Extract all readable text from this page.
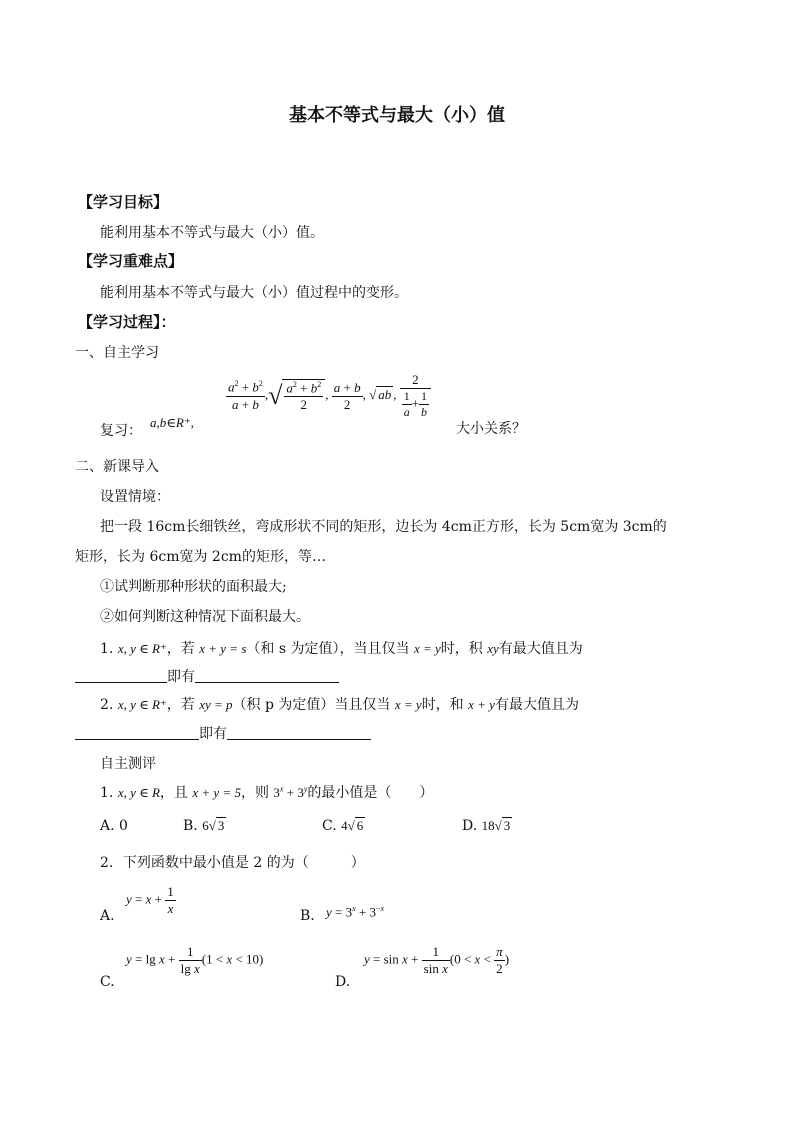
基本不等式与最大（小）值
【学习目标】
能利用基本不等式与最大（小）值。
【学习重难点】
能利用基本不等式与最大（小）值过程中的变形。
【学习过程】：
一、自主学习
$\frac{a^2 + b^2}{a + b}$ ,√ $\frac{a^2 + b^2}{2}$ , $\frac{a + b}{2}$ , √ ab , $\frac{2}{\frac{1}{a} + \frac{1}{b}}$
复习：
a,b∈R⁺,	大小关系？
二、新课导入
设置情境：
把一段 16cm长细铁丝，弯成形状不同的矩形，边长为 4cm正方形，长为 5cm宽为 3cm的
矩形，长为 6cm宽为 2cm的矩形，等…
①试判断那种形状的面积最大;
②如何判断这种情况下面积最大。
1. x, y ∈ R⁺，若 x + y = s（和 s 为定值），当且仅当 x = y时，积 xy有最大值且为
即有
2. x, y ∈ R⁺，若 xy = p（积 p 为定值）当且仅当 x = y时，和 x + y有最大值且为
即有
自主测评
1. x, y ∈ R，且 x + y = 5，则 $3^x + 3^y$的最小值是（　　）
A. 0	B. 6√ 3	C. 4√ 6	D. 18√ 3
2．下列函数中最小值是 2 的为（　　　）
A.
$y = x + \frac{1}{x}$	B. $y = 3^x + 3^{-x}$
C.
$y = \lg x + \frac{1}{\text{lg x}} (1 < x < 10)$
D.
$y = \sin x + \frac{1}{\text{sin x}} (0 < x < \frac{\pi}{2}$ )
